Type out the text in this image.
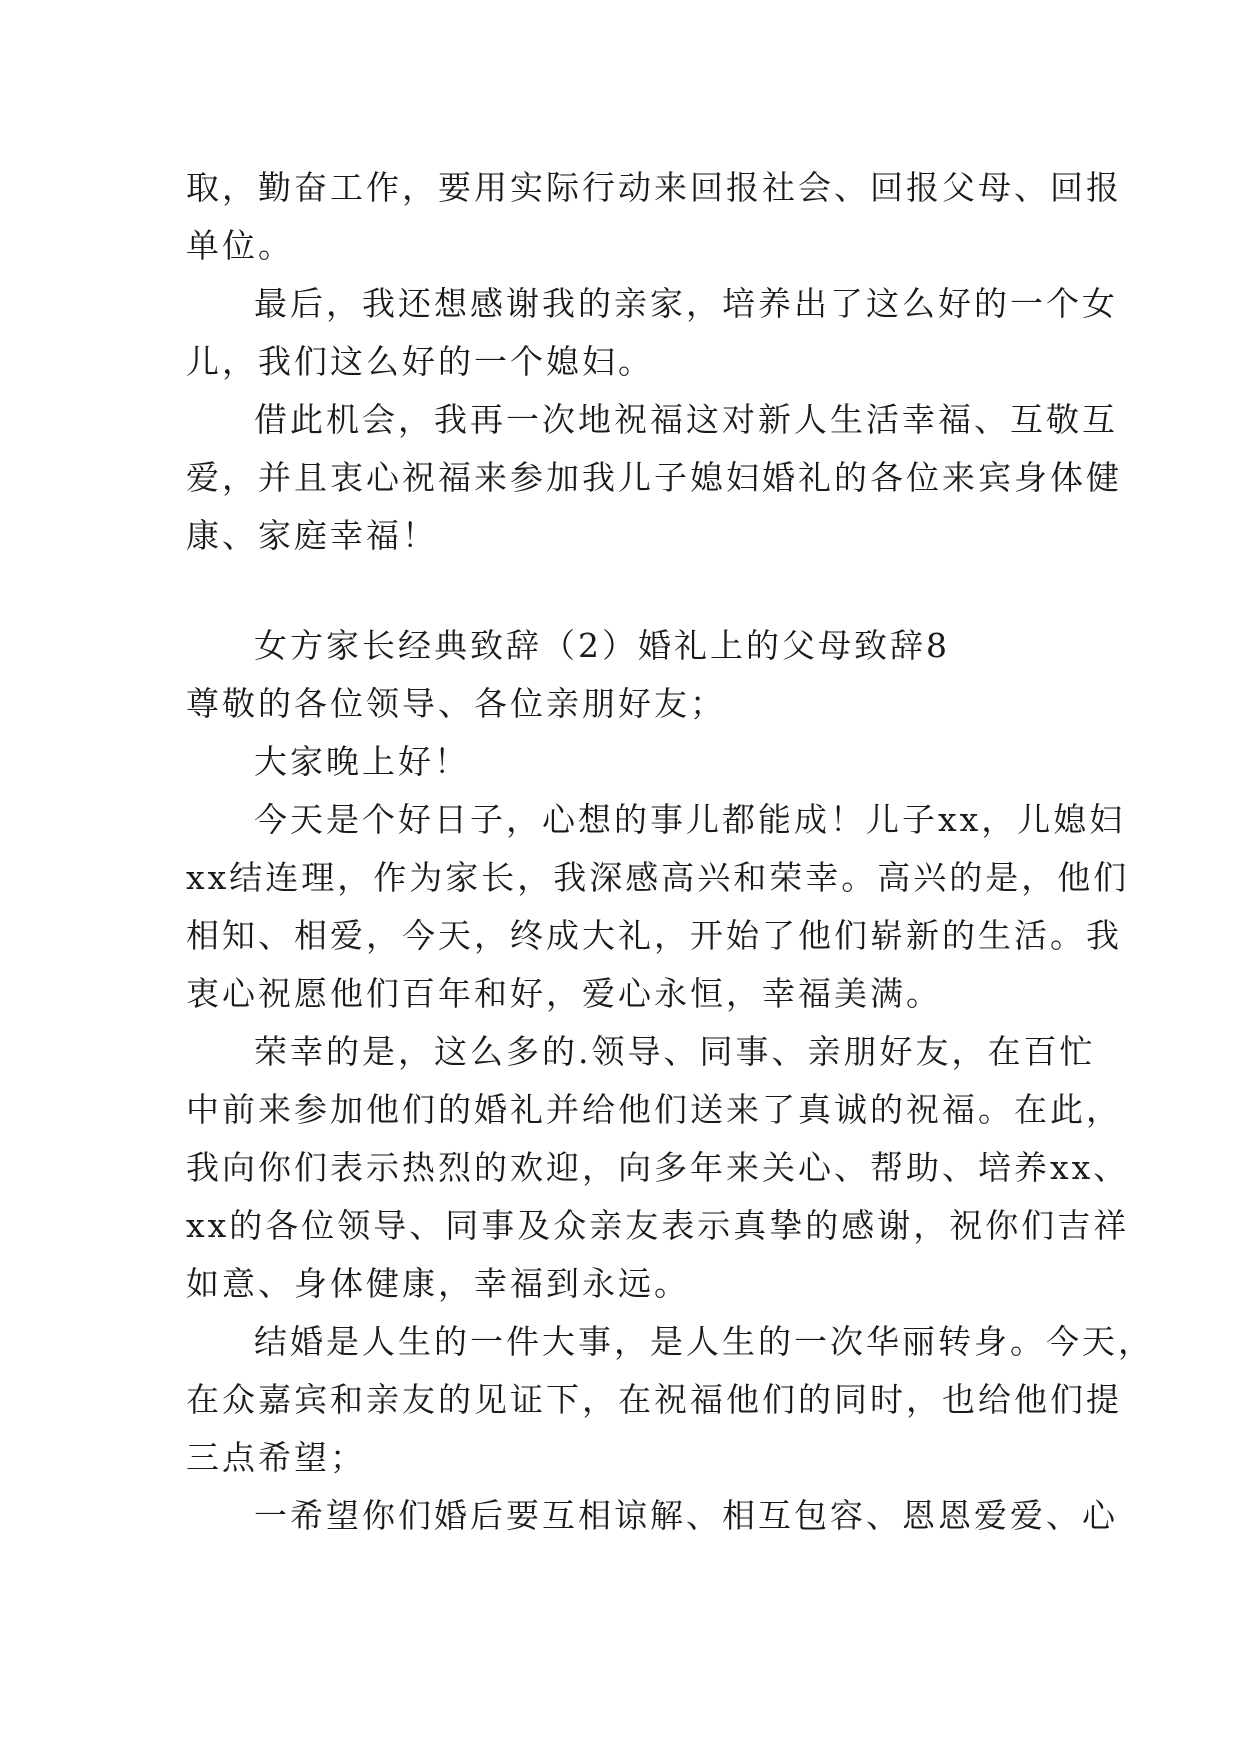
取，勤奋工作，要用实际行动来回报社会、回报父母、回报
单位。
最后，我还想感谢我的亲家，培养出了这么好的一个女
儿，我们这么好的一个媳妇。
借此机会，我再一次地祝福这对新人生活幸福、互敬互
爱，并且衷心祝福来参加我儿子媳妇婚礼的各位来宾身体健
康、家庭幸福！
女方家长经典致辞（2）婚礼上的父母致辞8
尊敬的各位领导、各位亲朋好友；
大家晚上好！
今天是个好日子，心想的事儿都能成！儿子xx，儿媳妇
xx结连理，作为家长，我深感高兴和荣幸。高兴的是，他们
相知、相爱，今天，终成大礼，开始了他们崭新的生活。我
衷心祝愿他们百年和好，爱心永恒，幸福美满。
荣幸的是，这么多的.领导、同事、亲朋好友，在百忙
中前来参加他们的婚礼并给他们送来了真诚的祝福。在此，
我向你们表示热烈的欢迎，向多年来关心、帮助、培养xx、
xx的各位领导、同事及众亲友表示真挚的感谢，祝你们吉祥
如意、身体健康，幸福到永远。
结婚是人生的一件大事，是人生的一次华丽转身。今天，
在众嘉宾和亲友的见证下，在祝福他们的同时，也给他们提
三点希望；
一希望你们婚后要互相谅解、相互包容、恩恩爱爱、心
